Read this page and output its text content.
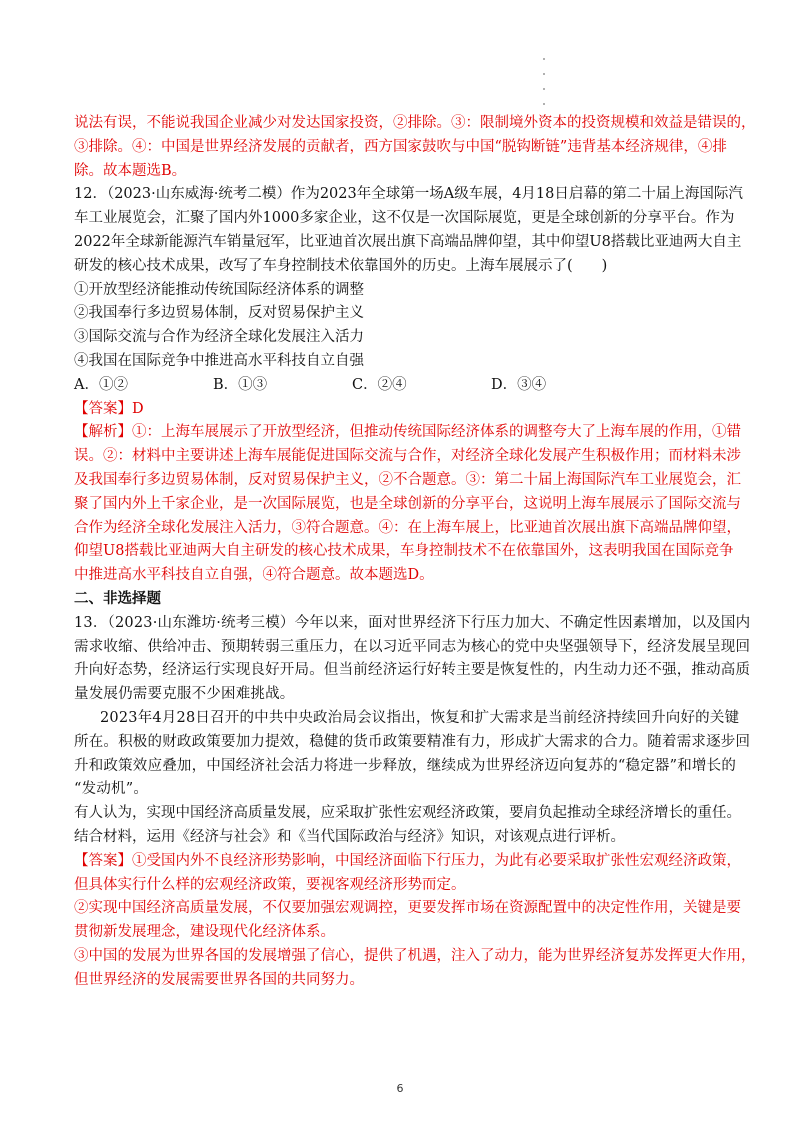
说法有误，不能说我国企业减少对发达国家投资，②排除。③：限制境外资本的投资规模和效益是错误的，

③排除。④：中国是世界经济发展的贡献者，西方国家鼓吹与中国“脱钩断链”违背基本经济规律，④排

除。故本题选B。

12．（2023·山东威海·统考二模）作为2023年全球第一场A级车展，4月18日启幕的第二十届上海国际汽

车工业展览会，汇聚了国内外1000多家企业，这不仅是一次国际展览，更是全球创新的分享平台。作为

2022年全球新能源汽车销量冠军，比亚迪首次展出旗下高端品牌仰望，其中仰望U8搭载比亚迪两大自主

研发的核心技术成果，改写了车身控制技术依靠国外的历史。上海车展展示了(　　)

①开放型经济能推动传统国际经济体系的调整

②我国奉行多边贸易体制，反对贸易保护主义

③国际交流与合作为经济全球化发展注入活力

④我国在国际竞争中推进高水平科技自立自强

A．①②	B．①③	C．②④	D．③④

【答案】D

【解析】①：上海车展展示了开放型经济，但推动传统国际经济体系的调整夸大了上海车展的作用，①错

误。②：材料中主要讲述上海车展能促进国际交流与合作，对经济全球化发展产生积极作用；而材料未涉

及我国奉行多边贸易体制，反对贸易保护主义，②不合题意。③：第二十届上海国际汽车工业展览会，汇

聚了国内外上千家企业，是一次国际展览，也是全球创新的分享平台，这说明上海车展展示了国际交流与

合作为经济全球化发展注入活力，③符合题意。④：在上海车展上，比亚迪首次展出旗下高端品牌仰望，

仰望U8搭载比亚迪两大自主研发的核心技术成果，车身控制技术不在依靠国外，这表明我国在国际竞争

中推进高水平科技自立自强，④符合题意。故本题选D。

二、非选择题

13．（2023·山东潍坊·统考三模）今年以来，面对世界经济下行压力加大、不确定性因素增加，以及国内

需求收缩、供给冲击、预期转弱三重压力，在以习近平同志为核心的党中央坚强领导下，经济发展呈现回

升向好态势，经济运行实现良好开局。但当前经济运行好转主要是恢复性的，内生动力还不强，推动高质

量发展仍需要克服不少困难挑战。

2023年4月28日召开的中共中央政治局会议指出，恢复和扩大需求是当前经济持续回升向好的关键

所在。积极的财政政策要加力提效，稳健的货币政策要精准有力，形成扩大需求的合力。随着需求逐步回

升和政策效应叠加，中国经济社会活力将进一步释放，继续成为世界经济迈向复苏的“稳定器”和增长的

“发动机”。

有人认为，实现中国经济高质量发展，应采取扩张性宏观经济政策，要肩负起推动全球经济增长的重任。

结合材料，运用《经济与社会》和《当代国际政治与经济》知识，对该观点进行评析。

【答案】①受国内外不良经济形势影响，中国经济面临下行压力，为此有必要采取扩张性宏观经济政策，

但具体实行什么样的宏观经济政策，要视客观经济形势而定。

②实现中国经济高质量发展，不仅要加强宏观调控，更要发挥市场在资源配置中的决定性作用，关键是要

贯彻新发展理念，建设现代化经济体系。

③中国的发展为世界各国的发展增强了信心，提供了机遇，注入了动力，能为世界经济复苏发挥更大作用，

但世界经济的发展需要世界各国的共同努力。

6
